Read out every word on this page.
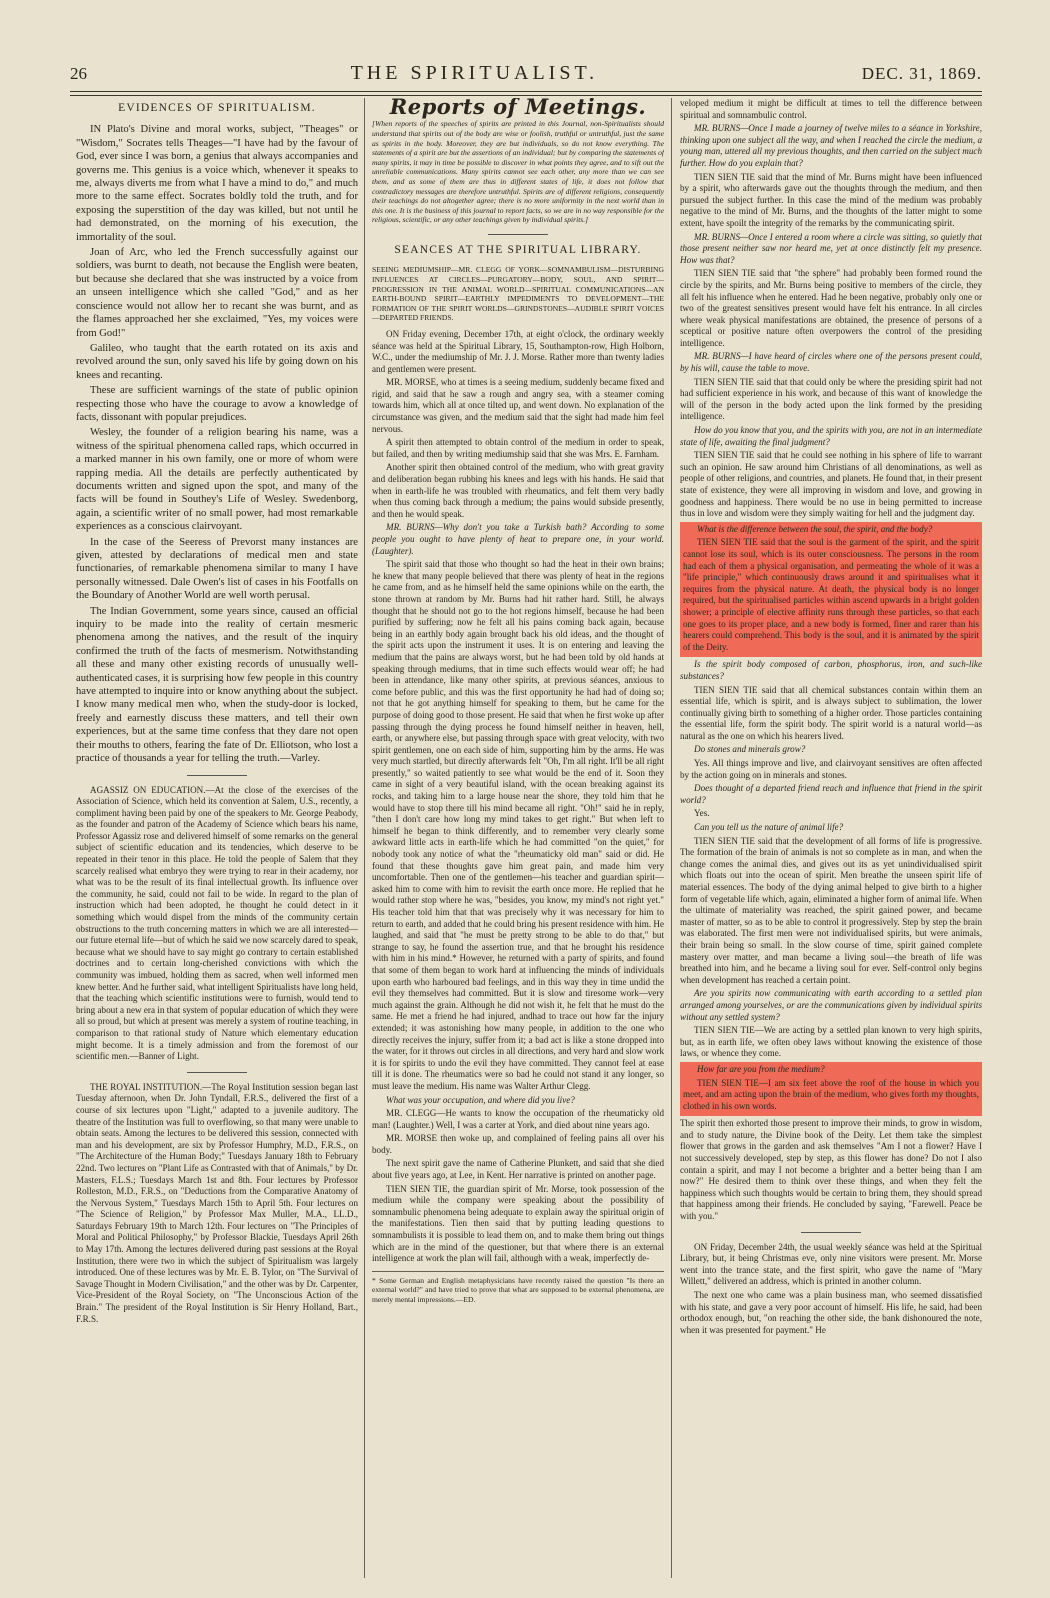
26	THE SPIRITUALIST.	DEC. 31, 1869.
EVIDENCES OF SPIRITUALISM.

IN Plato's Divine and moral works, subject, "Theages" or "Wisdom," Socrates tells Theages—"I have had by the favour of God, ever since I was born, a genius that always accompanies and governs me. This genius is a voice which, whenever it speaks to me, always diverts me from what I have a mind to do," and much more to the same effect. Socrates boldly told the truth, and for exposing the superstition of the day was killed, but not until he had demonstrated, on the morning of his execution, the immortality of the soul.

Joan of Arc, who led the French successfully against our soldiers, was burnt to death, not because the English were beaten, but because she declared that she was instructed by a voice from an unseen intelligence which she called "God," and as her conscience would not allow her to recant she was burnt, and as the flames approached her she exclaimed, "Yes, my voices were from God!"

Galileo, who taught that the earth rotated on its axis and revolved around the sun, only saved his life by going down on his knees and recanting.

These are sufficient warnings of the state of public opinion respecting those who have the courage to avow a knowledge of facts, dissonant with popular prejudices.

Wesley, the founder of a religion bearing his name, was a witness of the spiritual phenomena called raps, which occurred in a marked manner in his own family, one or more of whom were rapping media. All the details are perfectly authenticated by documents written and signed upon the spot, and many of the facts will be found in Southey's Life of Wesley. Swedenborg, again, a scientific writer of no small power, had most remarkable experiences as a conscious clairvoyant.

In the case of the Seeress of Prevorst many instances are given, attested by declarations of medical men and state functionaries, of remarkable phenomena similar to many I have personally witnessed. Dale Owen's list of cases in his Footfalls on the Boundary of Another World are well worth perusal.

The Indian Government, some years since, caused an official inquiry to be made into the reality of certain mesmeric phenomena among the natives, and the result of the inquiry confirmed the truth of the facts of mesmerism. Notwithstanding all these and many other existing records of unusually well-authenticated cases, it is surprising how few people in this country have attempted to inquire into or know anything about the subject. I know many medical men who, when the study-door is locked, freely and earnestly discuss these matters, and tell their own experiences, but at the same time confess that they dare not open their mouths to others, fearing the fate of Dr. Elliotson, who lost a practice of thousands a year for telling the truth.—Varley.

AGASSIZ ON EDUCATION.—At the close of the exercises of the Association of Science, which held its convention at Salem, U.S., recently, a compliment having been paid by one of the speakers to Mr. George Peabody, as the founder and patron of the Academy of Science which bears his name, Professor Agassiz rose and delivered himself of some remarks on the general subject of scientific education and its tendencies, which deserve to be repeated in their tenor in this place. He told the people of Salem that they scarcely realised what embryo they were trying to rear in their academy, nor what was to be the result of its final intellectual growth. Its influence over the community, he said, could not fail to be wide. In regard to the plan of instruction which had been adopted, he thought he could detect in it something which would dispel from the minds of the community certain obstructions to the truth concerning matters in which we are all interested—our future eternal life—but of which he said we now scarcely dared to speak, because what we should have to say might go contrary to certain established doctrines and to certain long-cherished convictions with which the community was imbued, holding them as sacred, when well informed men knew better. And he further said, what intelligent Spiritualists have long held, that the teaching which scientific institutions were to furnish, would tend to bring about a new era in that system of popular education of which they were all so proud, but which at present was merely a system of routine teaching, in comparison to that rational study of Nature which elementary education might become. It is a timely admission and from the foremost of our scientific men.—Banner of Light.

THE ROYAL INSTITUTION.—The Royal Institution session began last Tuesday afternoon, when Dr. John Tyndall, F.R.S., delivered the first of a course of six lectures upon "Light," adapted to a juvenile auditory. The theatre of the Institution was full to overflowing, so that many were unable to obtain seats. Among the lectures to be delivered this session, connected with man and his development, are six by Professor Humphry, M.D., F.R.S., on "The Architecture of the Human Body;" Tuesdays January 18th to February 22nd. Two lectures on "Plant Life as Contrasted with that of Animals," by Dr. Masters, F.L.S.; Tuesdays March 1st and 8th. Four lectures by Professor Rolleston, M.D., F.R.S., on "Deductions from the Comparative Anatomy of the Nervous System," Tuesdays March 15th to April 5th. Four lectures on "The Science of Religion," by Professor Max Muller, M.A., LL.D., Saturdays February 19th to March 12th. Four lectures on "The Principles of Moral and Political Philosophy," by Professor Blackie, Tuesdays April 26th to May 17th. Among the lectures delivered during past sessions at the Royal Institution, there were two in which the subject of Spiritualism was largely introduced. One of these lectures was by Mr. E. B. Tylor, on "The Survival of Savage Thought in Modern Civilisation," and the other was by Dr. Carpenter, Vice-President of the Royal Society, on "The Unconscious Action of the Brain." The president of the Royal Institution is Sir Henry Holland, Bart., F.R.S.

Reports of Meetings.

[When reports of the speeches of spirits are printed in this Journal, non-Spiritualists should understand that spirits out of the body are wise or foolish, truthful or untruthful, just the same as spirits in the body. Moreover, they are but individuals, so do not know everything. The statements of a spirit are but the assertions of an individual; but by comparing the statements of many spirits, it may in time be possible to discover in what points they agree, and to sift out the unreliable communications. Many spirits cannot see each other, any more than we can see them, and as some of them are thus in different states of life, it does not follow that contradictory messages are therefore untruthful. Spirits are of different religions, consequently their teachings do not altogether agree; there is no more uniformity in the next world than in this one. It is the business of this journal to report facts, so we are in no way responsible for the religious, scientific, or any other teachings given by individual spirits.]

SEANCES AT THE SPIRITUAL LIBRARY.

SEEING MEDIUMSHIP—MR. CLEGG OF YORK—SOMNAMBULISM—DISTURBING INFLUENCES AT CIRCLES—PURGATORY—BODY, SOUL, AND SPIRIT—PROGRESSION IN THE ANIMAL WORLD—SPIRITUAL COMMUNICATIONS—AN EARTH-BOUND SPIRIT—EARTHLY IMPEDIMENTS TO DEVELOPMENT—THE FORMATION OF THE SPIRIT WORLDS—GRINDSTONES—AUDIBLE SPIRIT VOICES—DEPARTED FRIENDS.

ON Friday evening, December 17th, at eight o'clock, the ordinary weekly séance was held at the Spiritual Library, 15, Southampton-row, High Holborn, W.C., under the mediumship of Mr. J. J. Morse. Rather more than twenty ladies and gentlemen were present.

MR. MORSE, who at times is a seeing medium, suddenly became fixed and rigid, and said that he saw a rough and angry sea, with a steamer coming towards him, which all at once tilted up, and went down. No explanation of the circumstance was given, and the medium said that the sight had made him feel nervous.

A spirit then attempted to obtain control of the medium in order to speak, but failed, and then by writing mediumship said that she was Mrs. E. Farnham.

Another spirit then obtained control of the medium, who with great gravity and deliberation began rubbing his knees and legs with his hands. He said that when in earth-life he was troubled with rheumatics, and felt them very badly when thus coming back through a medium; the pains would subside presently, and then he would speak.

MR. BURNS—Why don't you take a Turkish bath? According to some people you ought to have plenty of heat to prepare one, in your world. (Laughter).

The spirit said that those who thought so had the heat in their own brains; he knew that many people believed that there was plenty of heat in the regions he came from, and as he himself held the same opinions while on the earth, the stone thrown at random by Mr. Burns had hit rather hard. Still, he always thought that he should not go to the hot regions himself, because he had been purified by suffering; now he felt all his pains coming back again, because being in an earthly body again brought back his old ideas, and the thought of the spirit acts upon the instrument it uses. It is on entering and leaving the medium that the pains are always worst, but he had been told by old hands at speaking through mediums, that in time such effects would wear off; he had been in attendance, like many other spirits, at previous séances, anxious to come before public, and this was the first opportunity he had had of doing so; not that he got anything himself for speaking to them, but he came for the purpose of doing good to those present. He said that when he first woke up after passing through the dying process he found himself neither in heaven, hell, earth, or anywhere else, but passing through space with great velocity, with two spirit gentlemen, one on each side of him, supporting him by the arms. He was very much startled, but directly afterwards felt "Oh, I'm all right. It'll be all right presently," so waited patiently to see what would be the end of it. Soon they came in sight of a very beautiful island, with the ocean breaking against its rocks, and taking him to a large house near the shore, they told him that he would have to stop there till his mind became all right. "Oh!" said he in reply, "then I don't care how long my mind takes to get right." But when left to himself he began to think differently, and to remember very clearly some awkward little acts in earth-life which he had committed "on the quiet," for nobody took any notice of what the "rheumaticky old man" said or did. He found that these thoughts gave him great pain, and made him very uncomfortable. Then one of the gentlemen—his teacher and guardian spirit—asked him to come with him to revisit the earth once more. He replied that he would rather stop where he was, "besides, you know, my mind's not right yet." His teacher told him that that was precisely why it was necessary for him to return to earth, and added that he could bring his present residence with him. He laughed, and said that "he must be pretty strong to be able to do that," but strange to say, he found the assertion true, and that he brought his residence with him in his mind.* However, he returned with a party of spirits, and found that some of them began to work hard at influencing the minds of individuals upon earth who harboured bad feelings, and in this way they in time undid the evil they themselves had committed. But it is slow and tiresome work—very much against the grain. Although he did not wish it, he felt that he must do the same. He met a friend he had injured, andhad to trace out how far the injury extended; it was astonishing how many people, in addition to the one who directly receives the injury, suffer from it; a bad act is like a stone dropped into the water, for it throws out circles in all directions, and very hard and slow work it is for spirits to undo the evil they have committed. They cannot feel at ease till it is done. The rheumatics were so bad he could not stand it any longer, so must leave the medium. His name was Walter Arthur Clegg.

What was your occupation, and where did you live?

MR. CLEGG—He wants to know the occupation of the rheumaticky old man! (Laughter.) Well, I was a carter at York, and died about nine years ago.

MR. MORSE then woke up, and complained of feeling pains all over his body.

The next spirit gave the name of Catherine Plunkett, and said that she died about five years ago, at Lee, in Kent. Her narrative is printed on another page.

TIEN SIEN TIE, the guardian spirit of Mr. Morse, took possession of the medium while the company were speaking about the possibility of somnambulic phenomena being adequate to explain away the spiritual origin of the manifestations. Tien then said that by putting leading questions to somnambulists it is possible to lead them on, and to make them bring out things which are in the mind of the questioner, but that where there is an external intelligence at work the plan will fail, although with a weak, imperfectly de-

* Some German and English metaphysicians have recently raised the question "Is there an external world?" and have tried to prove that what are supposed to be external phenomena, are merely mental impressions.—ED.

veloped medium it might be difficult at times to tell the difference between spiritual and somnambulic control.

MR. BURNS—Once I made a journey of twelve miles to a séance in Yorkshire, thinking upon one subject all the way, and when I reached the circle the medium, a young man, uttered all my previous thoughts, and then carried on the subject much further. How do you explain that?

TIEN SIEN TIE said that the mind of Mr. Burns might have been influenced by a spirit, who afterwards gave out the thoughts through the medium, and then pursued the subject further. In this case the mind of the medium was probably negative to the mind of Mr. Burns, and the thoughts of the latter might to some extent, have spoilt the integrity of the remarks by the communicating spirit.

MR. BURNS—Once I entered a room where a circle was sitting, so quietly that those present neither saw nor heard me, yet at once distinctly felt my presence. How was that?

TIEN SIEN TIE said that "the sphere" had probably been formed round the circle by the spirits, and Mr. Burns being positive to members of the circle, they all felt his influence when he entered. Had he been negative, probably only one or two of the greatest sensitives present would have felt his entrance. In all circles where weak physical manifestations are obtained, the presence of persons of a sceptical or positive nature often overpowers the control of the presiding intelligence.

MR. BURNS—I have heard of circles where one of the persons present could, by his will, cause the table to move.

TIEN SIEN TIE said that that could only be where the presiding spirit had not had sufficient experience in his work, and because of this want of knowledge the will of the person in the body acted upon the link formed by the presiding intelligence.

How do you know that you, and the spirits with you, are not in an intermediate state of life, awaiting the final judgment?

TIEN SIEN TIE said that he could see nothing in his sphere of life to warrant such an opinion. He saw around him Christians of all denominations, as well as people of other religions, and countries, and planets. He found that, in their present state of existence, they were all improving in wisdom and love, and growing in goodness and happiness. There would be no use in being permitted to increase thus in love and wisdom were they simply waiting for hell and the judgment day.

What is the difference between the soul, the spirit, and the body?

TIEN SIEN TIE said that the soul is the garment of the spirit, and the spirit cannot lose its soul, which is its outer consciousness. The persons in the room had each of them a physical organisation, and permeating the whole of it was a "life principle," which continuously draws around it and spiritualises what it requires from the physical nature. At death, the physical body is no longer required, but the spiritualised particles within ascend upwards in a bright golden shower; a principle of elective affinity runs through these particles, so that each one goes to its proper place, and a new body is formed, finer and rarer than his hearers could comprehend. This body is the soul, and it is animated by the spirit of the Deity.

Is the spirit body composed of carbon, phosphorus, iron, and such-like substances?

TIEN SIEN TIE said that all chemical substances contain within them an essential life, which is spirit, and is always subject to sublimation, the lower continually giving birth to something of a higher order. Those particles containing the essential life, form the spirit body. The spirit world is a natural world—as natural as the one on which his hearers lived.

Do stones and minerals grow?

Yes. All things improve and live, and clairvoyant sensitives are often affected by the action going on in minerals and stones.

Does thought of a departed friend reach and influence that friend in the spirit world?

Yes.

Can you tell us the nature of animal life?

TIEN SIEN TIE said that the development of all forms of life is progressive. The formation of the brain of animals is not so complete as in man, and when the change comes the animal dies, and gives out its as yet unindividualised spirit which floats out into the ocean of spirit. Men breathe the unseen spirit life of material essences. The body of the dying animal helped to give birth to a higher form of vegetable life which, again, eliminated a higher form of animal life. When the ultimate of materiality was reached, the spirit gained power, and became master of matter, so as to be able to control it progressively. Step by step the brain was elaborated. The first men were not individualised spirits, but were animals, their brain being so small. In the slow course of time, spirit gained complete mastery over matter, and man became a living soul—the breath of life was breathed into him, and he became a living soul for ever. Self-control only begins when development has reached a certain point.

Are you spirits now communicating with earth according to a settled plan arranged among yourselves, or are the communications given by individual spirits without any settled system?

TIEN SIEN TIE—We are acting by a settled plan known to very high spirits, but, as in earth life, we often obey laws without knowing the existence of those laws, or whence they come.

How far are you from the medium?

TIEN SIEN TIE—I am six feet above the roof of the house in which you meet, and am acting upon the brain of the medium, who gives forth my thoughts, clothed in his own words.

The spirit then exhorted those present to improve their minds, to grow in wisdom, and to study nature, the Divine book of the Deity. Let them take the simplest flower that grows in the garden and ask themselves "Am I not a flower? Have I not successively developed, step by step, as this flower has done? Do not I also contain a spirit, and may I not become a brighter and a better being than I am now?" He desired them to think over these things, and when they felt the happiness which such thoughts would be certain to bring them, they should spread that happiness among their friends. He concluded by saying, "Farewell. Peace be with you."

ON Friday, December 24th, the usual weekly séance was held at the Spiritual Library, but, it being Christmas eve, only nine visitors were present. Mr. Morse went into the trance state, and the first spirit, who gave the name of "Mary Willett," delivered an address, which is printed in another column.

The next one who came was a plain business man, who seemed dissatisfied with his state, and gave a very poor account of himself. His life, he said, had been orthodox enough, but, "on reaching the other side, the bank dishonoured the note, when it was presented for payment." He
